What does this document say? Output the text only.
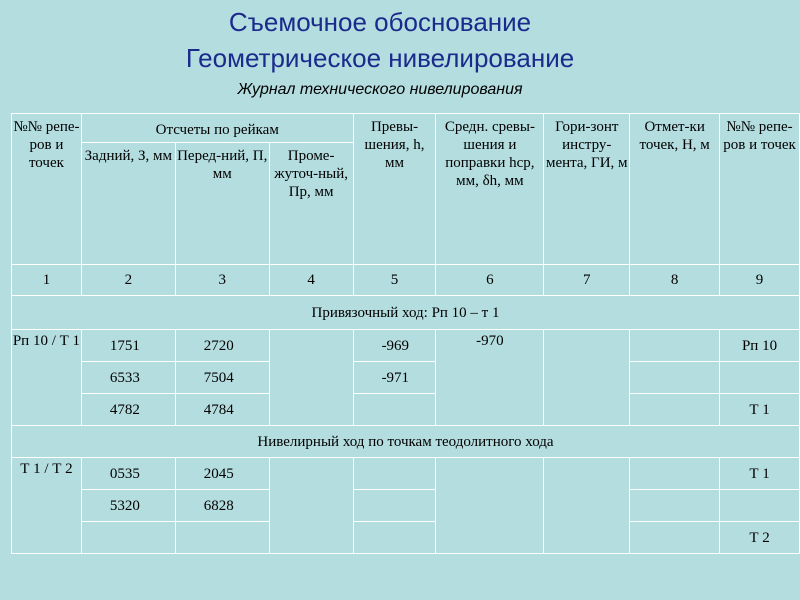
Съемочное обоснование
Геометрическое нивелирование
Журнал технического нивелирования
№№ репе-ров и точек	Отсчеты по рейкам			Превы-шения, h, мм	Средн. сревы-шения и поправки hср, мм, δh, мм	Гори-зонт инстру-мента, ГИ, м	Отмет-ки точек, Н, м	№№ репе-ров и точек
	Задний, З, мм	Перед-ний, П, мм	Проме-жуточ-ный, Пр, мм					
1	2	3	4	5	6	7	8	9
Привязочный ход: Рп 10 – т 1								
Рп 10 / Т 1	1751	2720		-969	-970			Рп 10
	6533	7504		-971				
	4782	4784						Т 1
Нивелирный ход по точкам теодолитного хода								
Т 1 / Т 2	0535	2045						Т 1
	5320	6828						
								Т 2
